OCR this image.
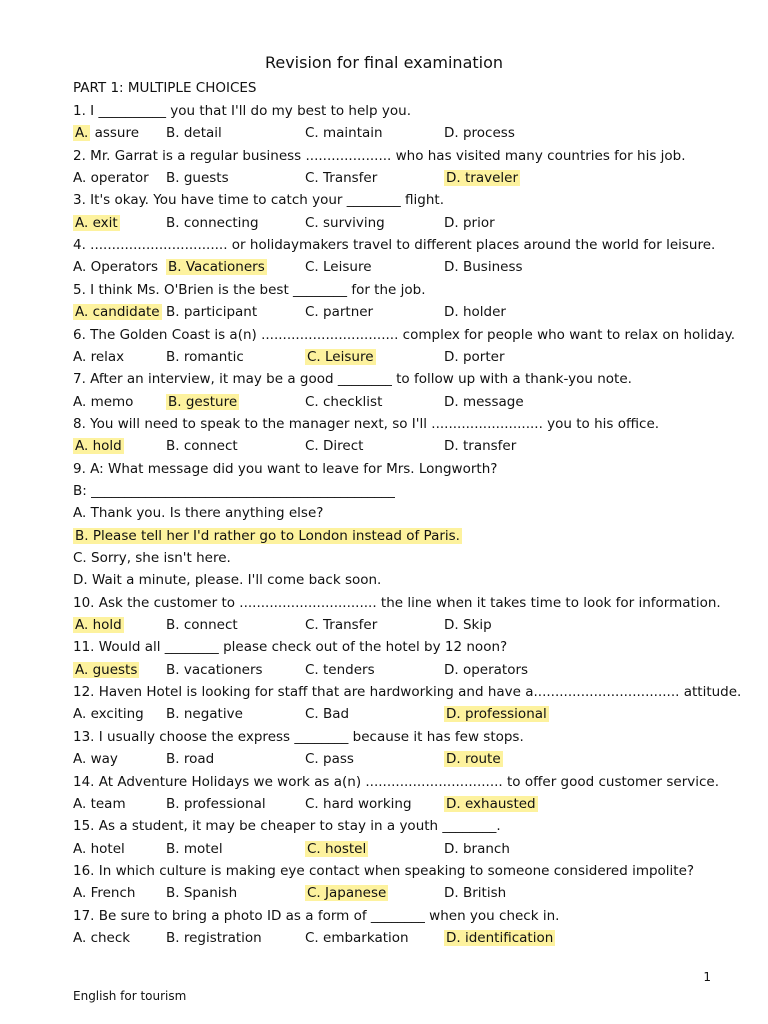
Revision for final examination
PART 1: MULTIPLE CHOICES
1. I __________ you that I'll do my best to help you.
A. assure B. detail	C. maintain	D. process
2. Mr. Garrat is a regular business .................... who has visited many countries for his job.
A. operator B. guests	C. Transfer	D. traveler
3. It's okay. You have time to catch your ________ flight.
A. exit	B. connecting	C. surviving	D. prior
4. ................................ or holidaymakers travel to different places around the world for leisure.
A. Operators B. Vacationers	C. Leisure	D. Business
5. I think Ms. O'Brien is the best ________ for the job.
A. candidate B. participant	C. partner	D. holder
6. The Golden Coast is a(n) ................................ complex for people who want to relax on holiday.
A. relax	B. romantic	C. Leisure	D. porter
7. After an interview, it may be a good ________ to follow up with a thank-you note.
A. memo	B. gesture	C. checklist	D. message
8. You will need to speak to the manager next, so I'll .......................... you to his office.
A. hold	B. connect	C. Direct	D. transfer
9. A: What message did you want to leave for Mrs. Longworth?
B: _____________________________________________
A. Thank you. Is there anything else?
B. Please tell her I'd rather go to London instead of Paris.
C. Sorry, she isn't here.
D. Wait a minute, please. I'll come back soon.
10. Ask the customer to ................................ the line when it takes time to look for information.
A. hold	B. connect	C. Transfer	D. Skip
11. Would all ________ please check out of the hotel by 12 noon?
A. guests B. vacationers	C. tenders	D. operators
12. Haven Hotel is looking for staff that are hardworking and have a.................................. attitude.
A. exciting B. negative	C. Bad	D. professional
13. I usually choose the express ________ because it has few stops.
A. way	B. road	C. pass	D. route
14. At Adventure Holidays we work as a(n) ................................ to offer good customer service.
A. team	B. professional	C. hard working	D. exhausted
15. As a student, it may be cheaper to stay in a youth ________.
A. hotel	B. motel	C. hostel	D. branch
16. In which culture is making eye contact when speaking to someone considered impolite?
A. French B. Spanish	C. Japanese	D. British
17. Be sure to bring a photo ID as a form of ________ when you check in.
A. check	B. registration	C. embarkation	D. identification
1
English for tourism
